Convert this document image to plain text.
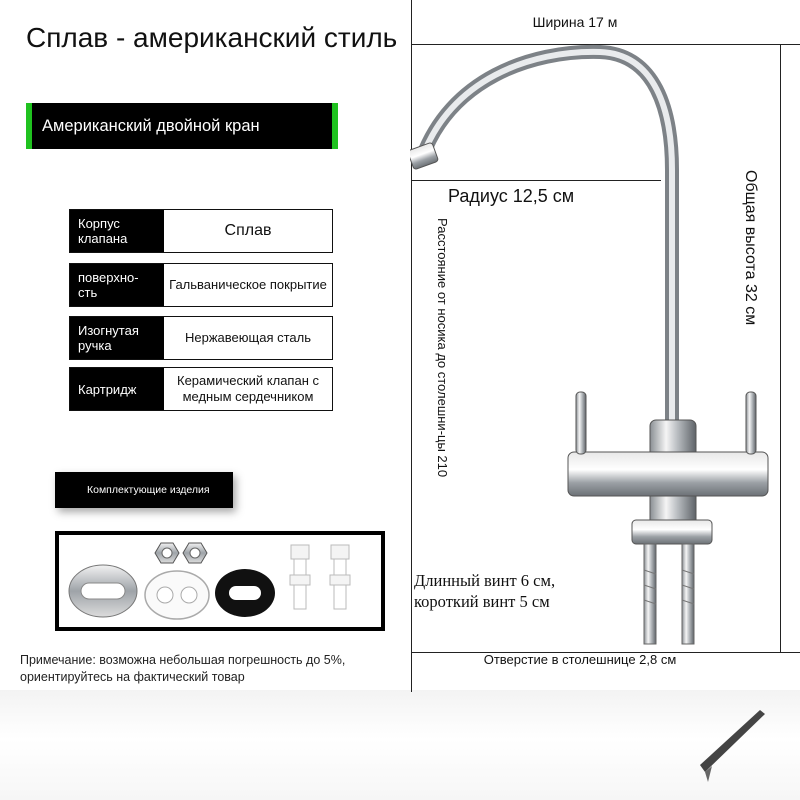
Сплав - американский стиль
Американский двойной кран
Корпус клапана	Сплав
поверхно-сть
Гальваническое покрытие
Изогнутая ручка
Нержавеющая сталь
Картридж
Керамический клапан с медным сердечником
Комплектующие изделия
Примечание: возможна небольшая погрешность до 5%, ориентируйтесь на фактический товар
Ширина 17 м
Радиус 12,5 см	Общая высота 32 см
Расстояние от носика до столешни-цы 210
Длинный винт 6 см, короткий винт 5 см
Отверстие в столешнице 2,8 см
